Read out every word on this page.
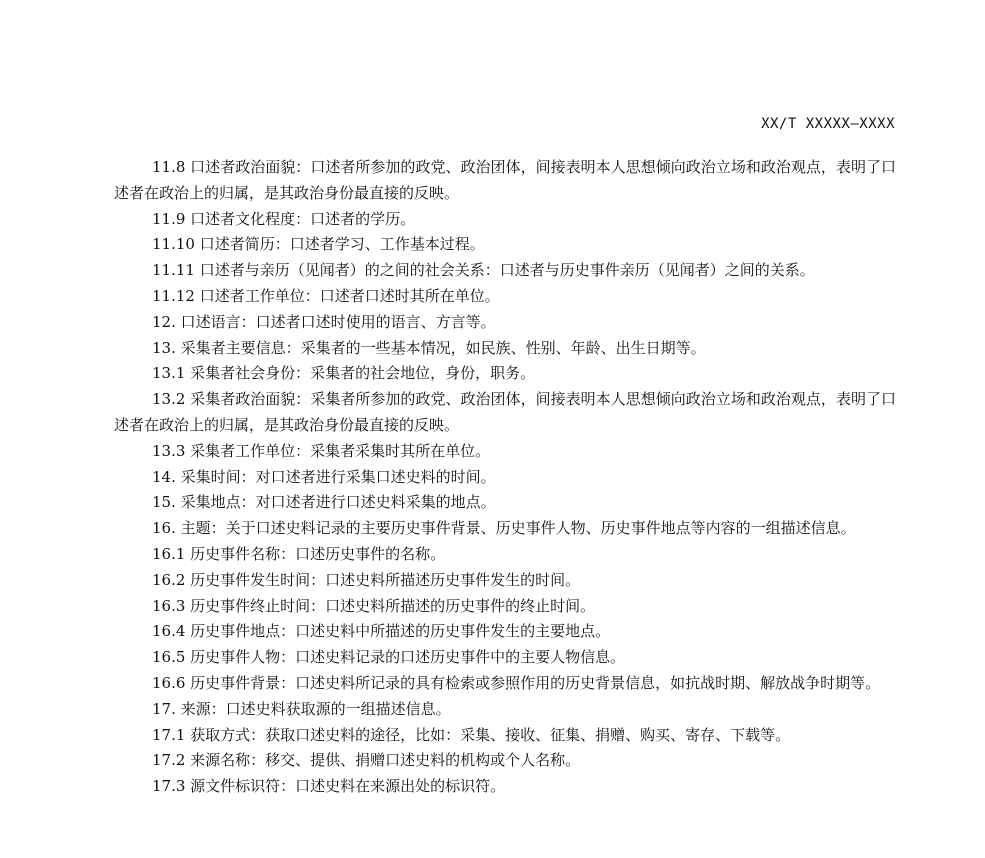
XX/T XXXXX—XXXX

11.8 口述者政治面貌：口述者所参加的政党、政治团体，间接表明本人思想倾向政治立场和政治观点，表明了口述者在政治上的归属，是其政治身份最直接的反映。

11.9 口述者文化程度：口述者的学历。

11.10 口述者简历：口述者学习、工作基本过程。

11.11 口述者与亲历（见闻者）的之间的社会关系：口述者与历史事件亲历（见闻者）之间的关系。

11.12 口述者工作单位：口述者口述时其所在单位。

12. 口述语言：口述者口述时使用的语言、方言等。

13. 采集者主要信息：采集者的一些基本情况，如民族、性别、年龄、出生日期等。

13.1 采集者社会身份：采集者的社会地位，身份，职务。

13.2 采集者政治面貌：采集者所参加的政党、政治团体，间接表明本人思想倾向政治立场和政治观点，表明了口述者在政治上的归属，是其政治身份最直接的反映。

13.3 采集者工作单位：采集者采集时其所在单位。

14. 采集时间：对口述者进行采集口述史料的时间。

15. 采集地点：对口述者进行口述史料采集的地点。

16. 主题：关于口述史料记录的主要历史事件背景、历史事件人物、历史事件地点等内容的一组描述信息。

16.1 历史事件名称：口述历史事件的名称。

16.2 历史事件发生时间：口述史料所描述历史事件发生的时间。

16.3 历史事件终止时间：口述史料所描述的历史事件的终止时间。

16.4 历史事件地点：口述史料中所描述的历史事件发生的主要地点。

16.5 历史事件人物：口述史料记录的口述历史事件中的主要人物信息。

16.6 历史事件背景：口述史料所记录的具有检索或参照作用的历史背景信息，如抗战时期、解放战争时期等。

17. 来源：口述史料获取源的一组描述信息。

17.1 获取方式：获取口述史料的途径，比如：采集、接收、征集、捐赠、购买、寄存、下载等。

17.2 来源名称：移交、提供、捐赠口述史料的机构或个人名称。

17.3 源文件标识符：口述史料在来源出处的标识符。
